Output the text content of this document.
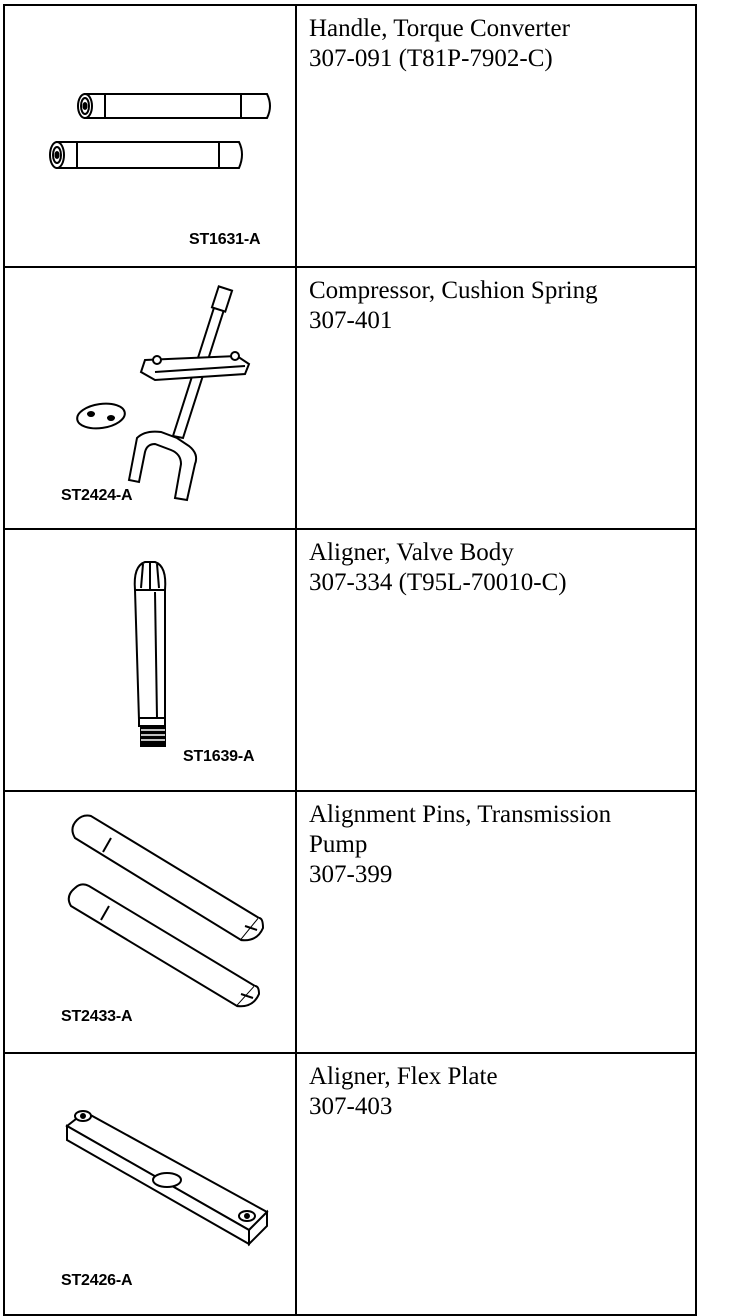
ST1631-A	Handle, Torque Converter
307-091 (T81P-7902-C)

ST2424-A	Compressor, Cushion Spring
307-401

ST1639-A	Aligner, Valve Body
307-334 (T95L-70010-C)

ST2433-A	Alignment Pins, Transmission
Pump
307-399

ST2426-A	Aligner, Flex Plate
307-403
